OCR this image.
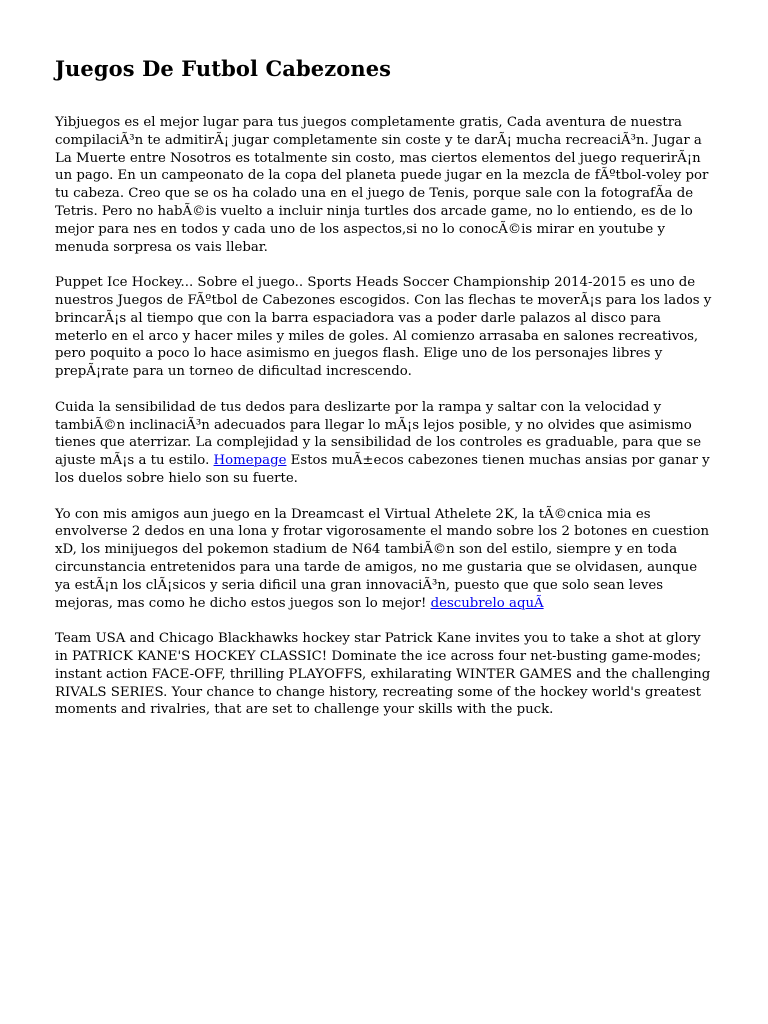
Juegos De Futbol Cabezones

Yibjuegos es el mejor lugar para tus juegos completamente gratis, Cada aventura de nuestra compilaciÃ³n te admitirÃ¡ jugar completamente sin coste y te darÃ¡ mucha recreaciÃ³n. Jugar a La Muerte entre Nosotros es totalmente sin costo, mas ciertos elementos del juego requerirÃ¡n un pago. En un campeonato de la copa del planeta puede jugar en la mezcla de fÃºtbol-voley por tu cabeza. Creo que se os ha colado una en el juego de Tenis, porque sale con la fotografÃa de Tetris. Pero no habÃ©is vuelto a incluir ninja turtles dos arcade game, no lo entiendo, es de lo mejor para nes en todos y cada uno de los aspectos,si no lo conocÃ©is mirar en youtube y menuda sorpresa os vais llebar.

Puppet Ice Hockey... Sobre el juego.. Sports Heads Soccer Championship 2014-2015 es uno de nuestros Juegos de FÃºtbol de Cabezones escogidos. Con las flechas te moverÃ¡s para los lados y brincarÃ¡s al tiempo que con la barra espaciadora vas a poder darle palazos al disco para meterlo en el arco y hacer miles y miles de goles. Al comienzo arrasaba en salones recreativos, pero poquito a poco lo hace asimismo en juegos flash. Elige uno de los personajes libres y prepÃ¡rate para un torneo de dificultad increscendo.

Cuida la sensibilidad de tus dedos para deslizarte por la rampa y saltar con la velocidad y tambiÃ©n inclinaciÃ³n adecuados para llegar lo mÃ¡s lejos posible, y no olvides que asimismo tienes que aterrizar. La complejidad y la sensibilidad de los controles es graduable, para que se ajuste mÃ¡s a tu estilo. Homepage Estos muÃ±ecos cabezones tienen muchas ansias por ganar y los duelos sobre hielo son su fuerte.

Yo con mis amigos aun juego en la Dreamcast el Virtual Athelete 2K, la tÃ©cnica mia es envolverse 2 dedos en una lona y frotar vigorosamente el mando sobre los 2 botones en cuestion xD, los minijuegos del pokemon stadium de N64 tambiÃ©n son del estilo, siempre y en toda circunstancia entretenidos para una tarde de amigos, no me gustaria que se olvidasen, aunque ya estÃ¡n los clÃ¡sicos y seria dificil una gran innovaciÃ³n, puesto que que solo sean leves mejoras, mas como he dicho estos juegos son lo mejor! descubrelo aquÃ

Team USA and Chicago Blackhawks hockey star Patrick Kane invites you to take a shot at glory in PATRICK KANE'S HOCKEY CLASSIC! Dominate the ice across four net-busting game-modes; instant action FACE-OFF, thrilling PLAYOFFS, exhilarating WINTER GAMES and the challenging RIVALS SERIES. Your chance to change history, recreating some of the hockey world's greatest moments and rivalries, that are set to challenge your skills with the puck.
